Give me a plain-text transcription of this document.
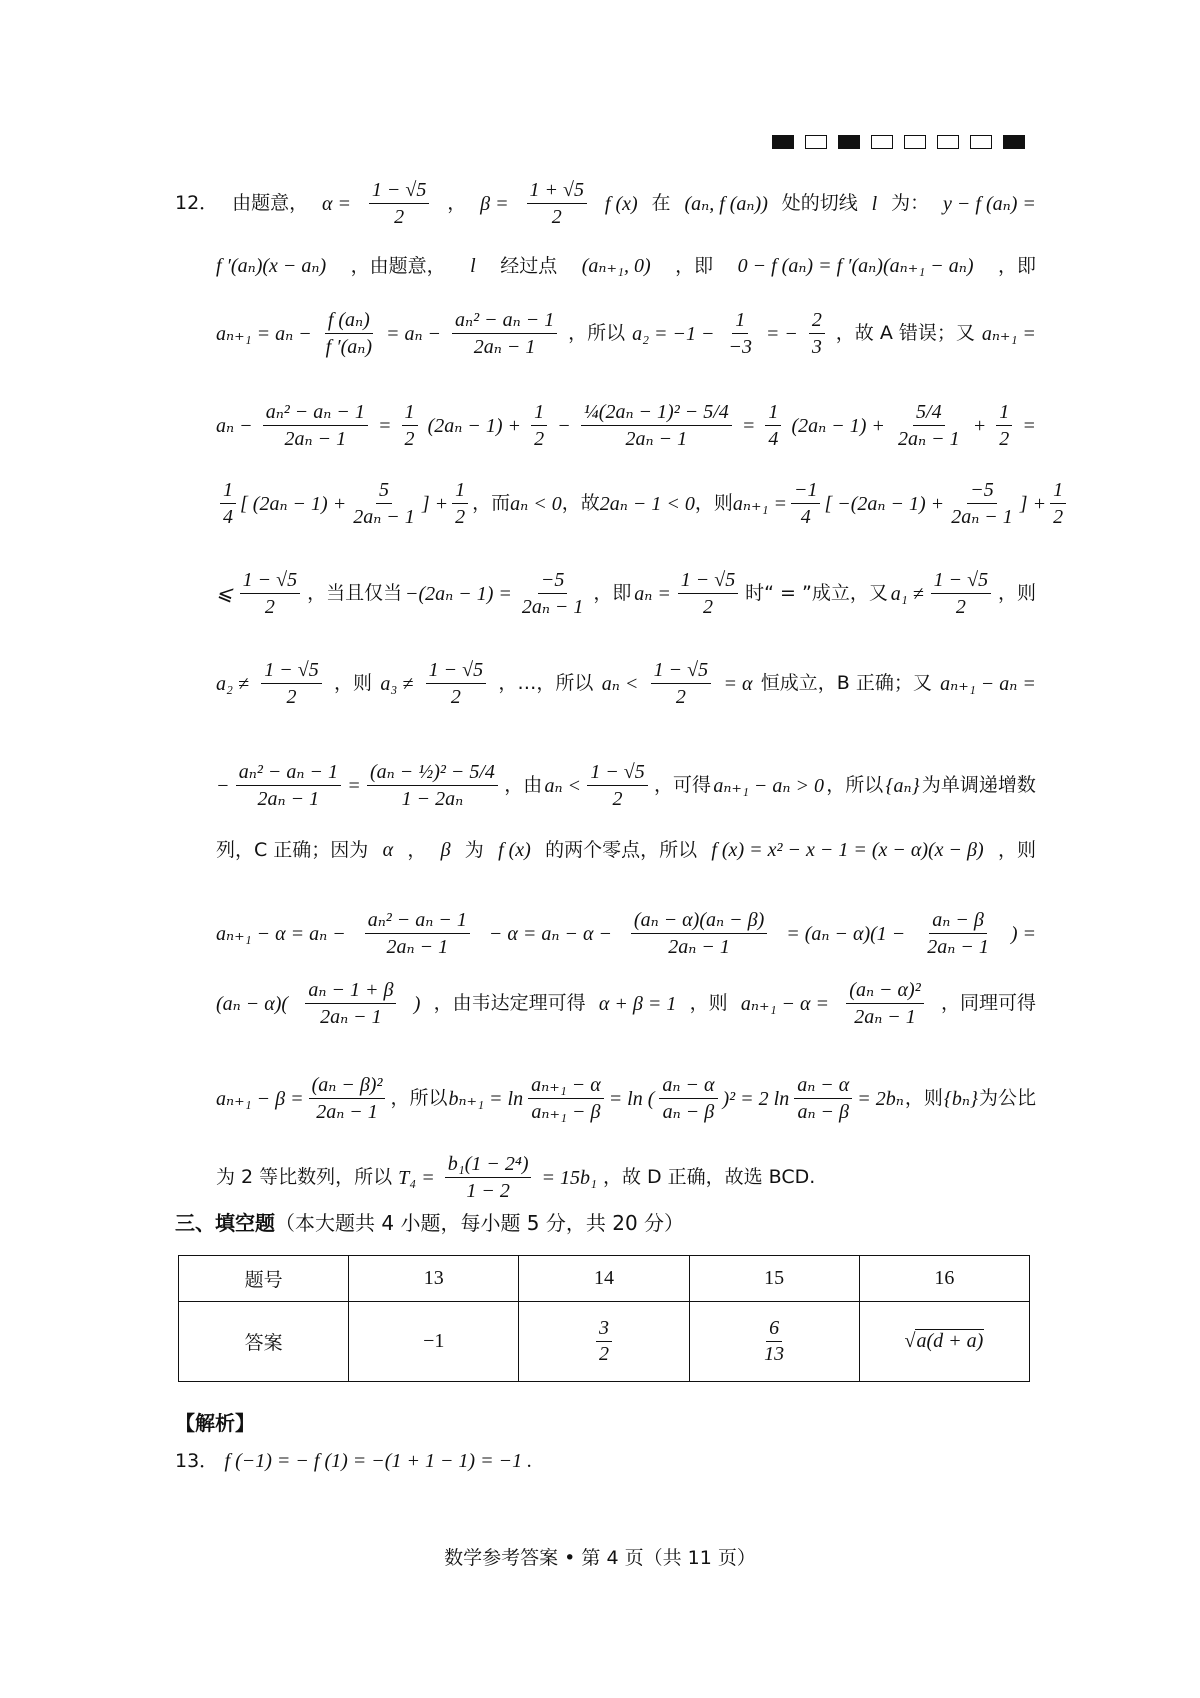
12． 由题意， $\alpha = \frac{1 - √5}{2}$ ， $\beta = \frac{1 + √5}{2}$ f (x) 在 (aₙ, f (aₙ)) 处的切线 l 为： y − f (aₙ) =
f ′(aₙ)(x − aₙ) ，由题意， l 经过点 (aₙ₊₁, 0) ，即 0 − f (aₙ) = f ′(aₙ)(aₙ₊₁ − aₙ) ，即
$a_{n+1} = a_n - \frac{\text{f (aₙ)}}{\text{f ′(aₙ)}} = a_n - \frac{\text{aₙ² − aₙ − 1}}{\text{2aₙ − 1}}$ ，所以 $a_2 = -1 - \frac{1}{-3}$ = − $\frac{2}{3}$ ，故 A 错误；又 aₙ₊₁ =
$a_n - \frac{\text{aₙ² − aₙ − 1}}{\text{2aₙ − 1}} = \frac{1}{2} (2a_n - 1) + \frac{1}{2} - \frac{\text{¼(2aₙ − 1)² − 5/4}}{\text{2aₙ − 1}} = \frac{1}{4} (2a_n - 1) + \frac{5/4}{\text{2aₙ − 1}} + \frac{1}{2}$ =
$\frac{1}{4}$ [ $(2a_n - 1) + \frac{5}{\text{2aₙ − 1}}$ ] + $\frac{1}{2}$ ，而 aₙ < 0 ，故 2aₙ − 1 < 0 ，则 $a_{n+1} = \frac{-1}{4}$ [ $-(2a_n - 1) + \frac{-5}{\text{2aₙ − 1}}$ ] + $\frac{1}{2}$
⩽ $\frac{1 - √5}{2}$ ，当且仅当 $-(2a_n - 1) = \frac{-5}{\text{2aₙ − 1}}$ ，即 $a_n = \frac{1 - √5}{2}$ 时“ = ”成立，又 $a_1 \ne \frac{1 - √5}{2}$ ，则
$a_2 \ne \frac{1 - √5}{2}$ ，则 $a_3 \ne \frac{1 - √5}{2}$ ，…，所以 $a_n < \frac{1 - √5}{2} = \alpha$ 恒成立，B 正确；又 aₙ₊₁ − aₙ =
− $\frac{\text{aₙ² − aₙ − 1}}{\text{2aₙ − 1}} = \frac{\text{(aₙ − ½)² − 5/4}}{\text{1 − 2aₙ}}$ ，由 $a_n < \frac{1 - √5}{2}$ ，可得 aₙ₊₁ − aₙ > 0 ，所以 {aₙ} 为单调递增数
列，C 正确；因为 α ， β 为 f (x) 的两个零点，所以 f (x) = x² − x − 1 = (x − α)(x − β) ，则
$a_{n+1} - \alpha = a_n - \frac{\text{aₙ² − aₙ − 1}}{\text{2aₙ − 1}} - \alpha = a_n - \alpha - \frac{\text{(aₙ − α)(aₙ − β)}}{\text{2aₙ − 1}} = (a_n - \alpha)(1 - \frac{\text{aₙ − β}}{\text{2aₙ − 1}}$ ) =
$(a_n - \alpha)( \frac{\text{aₙ − 1 + β}}{\text{2aₙ − 1}}$ ) ，由韦达定理可得 α + β = 1 ，则 $a_{n+1} - \alpha = \frac{\text{(aₙ − α)²}}{\text{2aₙ − 1}}$ ，同理可得
$a_{n+1} - \beta = \frac{\text{(aₙ − β)²}}{\text{2aₙ − 1}}$ ，所以 $b_{n+1} = \ln \frac{\text{aₙ₊₁ − α}}{\text{aₙ₊₁ − β}} = \ln$ ( $\frac{\text{aₙ − α}}{\text{aₙ − β}} )^2 = 2$ $\ln \frac{\text{aₙ − α}}{\text{aₙ − β}} = 2b_n$ ，则 {bₙ} 为公比
为 2 等比数列，所以 $T_4 = \frac{\text{b₁(1 − 2⁴)}}{1 - 2} = 15b_1$ ，故 D 正确，故选 BCD.
三、填空题（本大题共 4 小题，每小题 5 分，共 20 分）
题号	13	14	15	16
答案	−1	$\frac{3}{2}$	$\frac{6}{13}$	√a(d + a)
【解析】
13． f (−1) = − f (1) = −(1 + 1 − 1) = −1 .
数学参考答案 • 第 4 页（共 11 页）
